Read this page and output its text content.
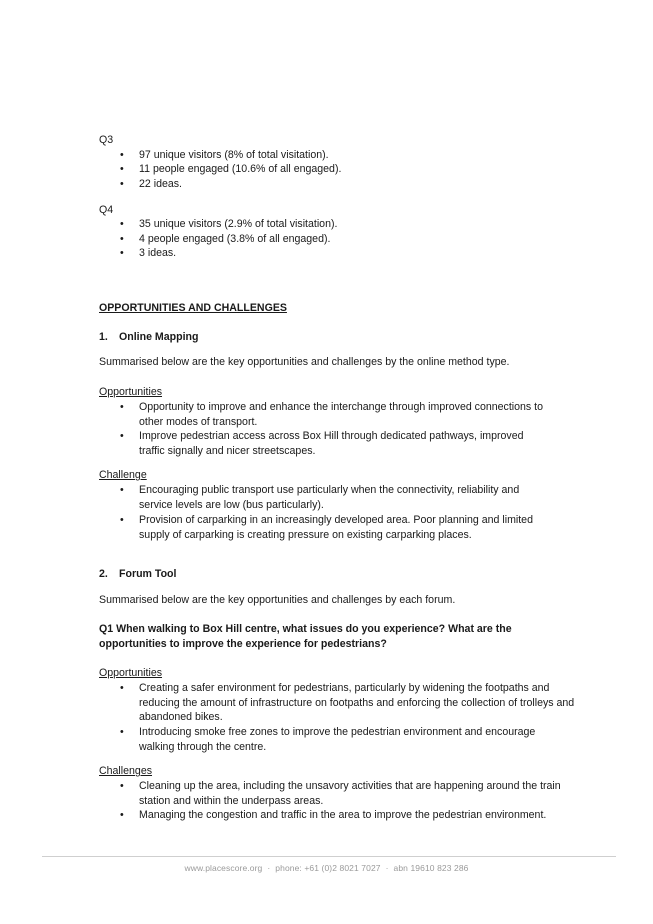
Q3
•
97 unique visitors (8% of total visitation).
•
11 people engaged (10.6% of all engaged).
•
22 ideas.
Q4
•
35 unique visitors (2.9% of total visitation).
•
4 people engaged (3.8% of all engaged).
•
3 ideas.
OPPORTUNITIES AND CHALLENGES
1. Online Mapping
Summarised below are the key opportunities and challenges by the online method type.
Opportunities
•
Opportunity to improve and enhance the interchange through improved connections to other modes of transport.
•
Improve pedestrian access across Box Hill through dedicated pathways, improved traffic signally and nicer streetscapes.
Challenge
•
Encouraging public transport use particularly when the connectivity, reliability and service levels are low (bus particularly).
•
Provision of carparking in an increasingly developed area. Poor planning and limited supply of carparking is creating pressure on existing carparking places.
2. Forum Tool
Summarised below are the key opportunities and challenges by each forum.
Q1 When walking to Box Hill centre, what issues do you experience? What are the opportunities to improve the experience for pedestrians?
Opportunities
•
Creating a safer environment for pedestrians, particularly by widening the footpaths and reducing the amount of infrastructure on footpaths and enforcing the collection of trolleys and abandoned bikes.
•
Introducing smoke free zones to improve the pedestrian environment and encourage walking through the centre.
Challenges
•
Cleaning up the area, including the unsavory activities that are happening around the train station and within the underpass areas.
•
Managing the congestion and traffic in the area to improve the pedestrian environment.
www.placescore.org · phone: +61 (0)2 8021 7027 · abn 19610 823 286
